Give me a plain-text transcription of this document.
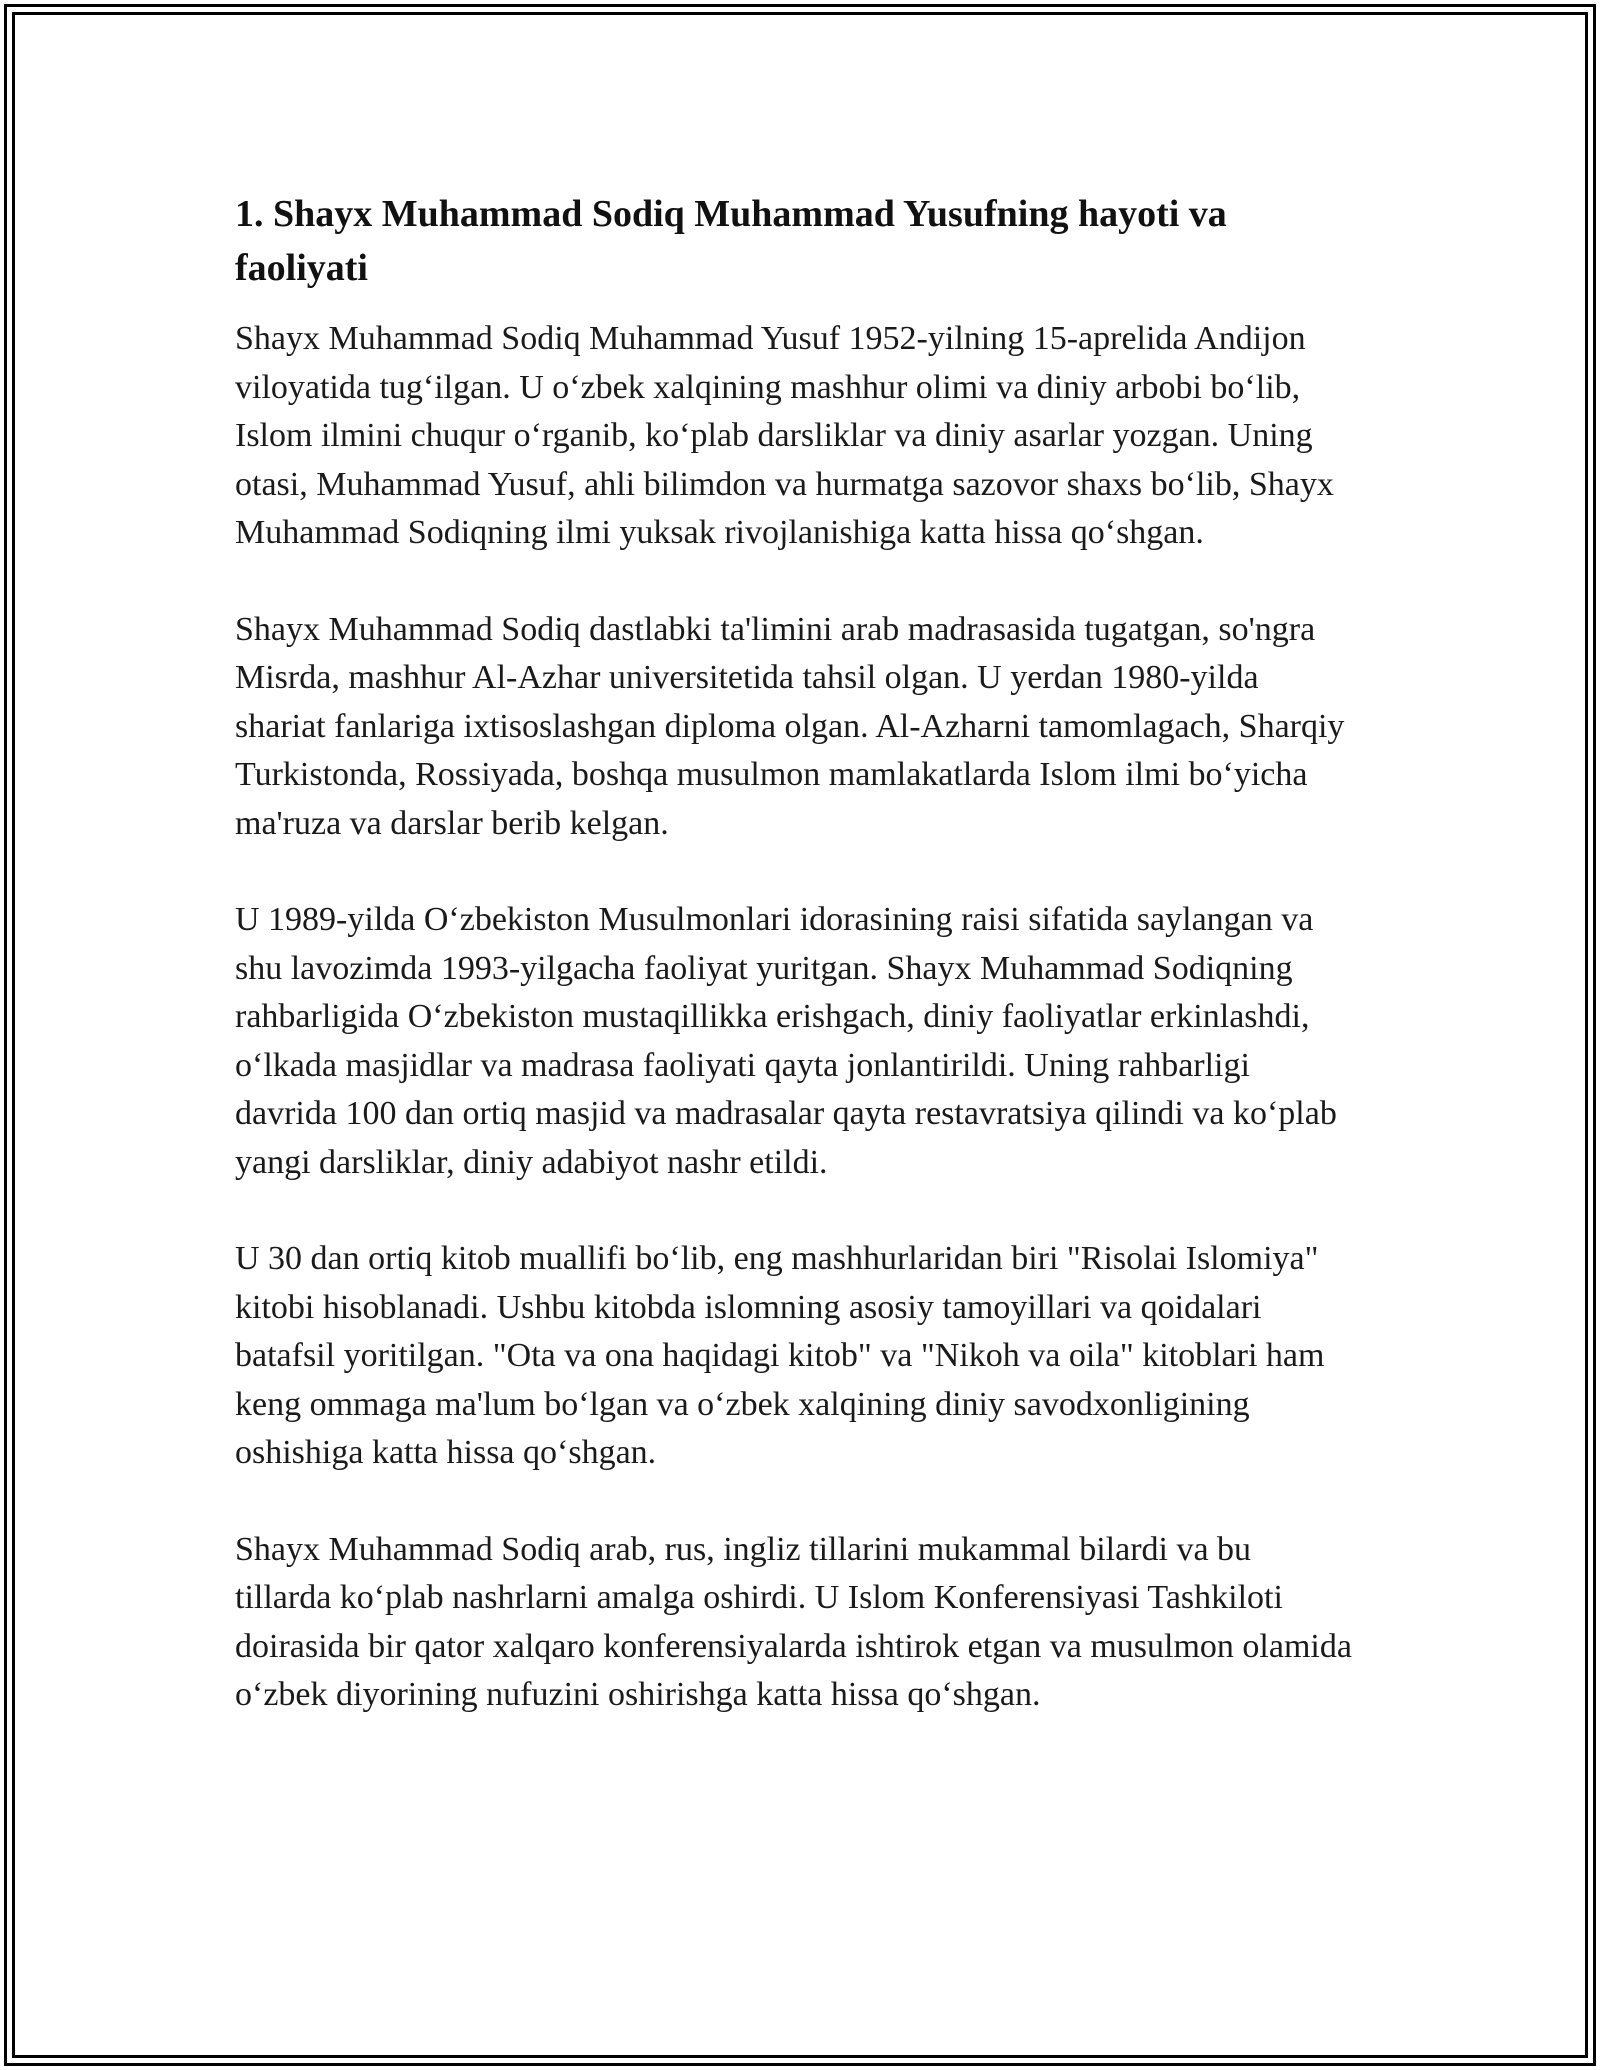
1. Shayx Muhammad Sodiq Muhammad Yusufning hayoti va faoliyati

Shayx Muhammad Sodiq Muhammad Yusuf 1952-yilning 15-aprelida Andijon viloyatida tug‘ilgan. U o‘zbek xalqining mashhur olimi va diniy arbobi bo‘lib, Islom ilmini chuqur o‘rganib, ko‘plab darsliklar va diniy asarlar yozgan. Uning otasi, Muhammad Yusuf, ahli bilimdon va hurmatga sazovor shaxs bo‘lib, Shayx Muhammad Sodiqning ilmi yuksak rivojlanishiga katta hissa qo‘shgan.

Shayx Muhammad Sodiq dastlabki ta'limini arab madrasasida tugatgan, so'ngra Misrda, mashhur Al-Azhar universitetida tahsil olgan. U yerdan 1980-yilda shariat fanlariga ixtisoslashgan diploma olgan. Al-Azharni tamomlagach, Sharqiy Turkistonda, Rossiyada, boshqa musulmon mamlakatlarda Islom ilmi bo‘yicha ma'ruza va darslar berib kelgan.

U 1989-yilda O‘zbekiston Musulmonlari idorasining raisi sifatida saylangan va shu lavozimda 1993-yilgacha faoliyat yuritgan. Shayx Muhammad Sodiqning rahbarligida O‘zbekiston mustaqillikka erishgach, diniy faoliyatlar erkinlashdi, o‘lkada masjidlar va madrasa faoliyati qayta jonlantirildi. Uning rahbarligi davrida 100 dan ortiq masjid va madrasalar qayta restavratsiya qilindi va ko‘plab yangi darsliklar, diniy adabiyot nashr etildi.

U 30 dan ortiq kitob muallifi bo‘lib, eng mashhurlaridan biri "Risolai Islomiya" kitobi hisoblanadi. Ushbu kitobda islomning asosiy tamoyillari va qoidalari batafsil yoritilgan. "Ota va ona haqidagi kitob" va "Nikoh va oila" kitoblari ham keng ommaga ma'lum bo‘lgan va o‘zbek xalqining diniy savodxonligining oshishiga katta hissa qo‘shgan.

Shayx Muhammad Sodiq arab, rus, ingliz tillarini mukammal bilardi va bu tillarda ko‘plab nashrlarni amalga oshirdi. U Islom Konferensiyasi Tashkiloti doirasida bir qator xalqaro konferensiyalarda ishtirok etgan va musulmon olamida o‘zbek diyorining nufuzini oshirishga katta hissa qo‘shgan.
